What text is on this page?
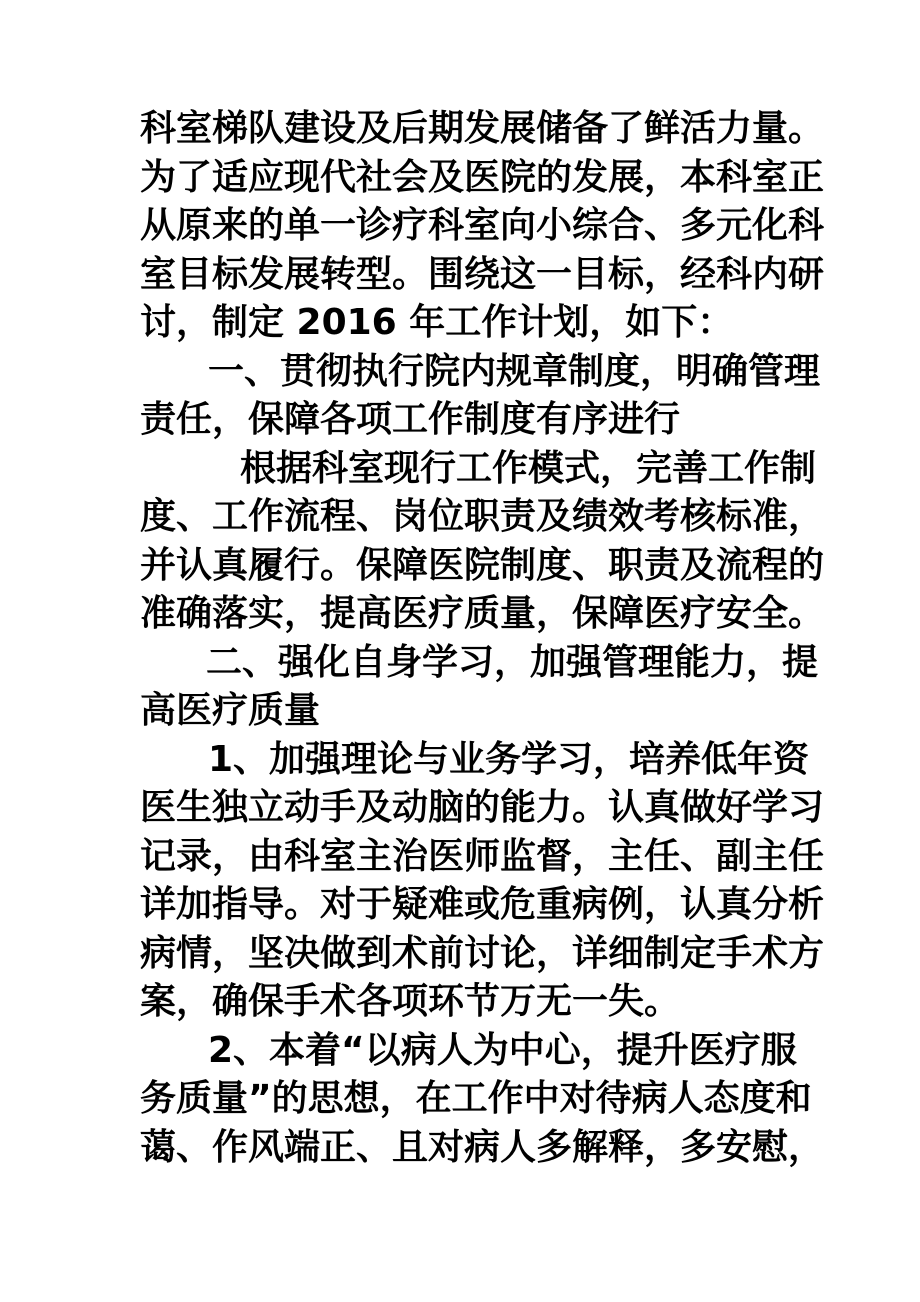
科室梯队建设及后期发展储备了鲜活力量。
为了适应现代社会及医院的发展，本科室正
从原来的单一诊疗科室向小综合、多元化科
室目标发展转型。围绕这一目标，经科内研
讨，制定 2016 年工作计划，如下：
一、贯彻执行院内规章制度，明确管理
责任，保障各项工作制度有序进行
根据科室现行工作模式，完善工作制
度、工作流程、岗位职责及绩效考核标准，
并认真履行。保障医院制度、职责及流程的
准确落实，提高医疗质量，保障医疗安全。
二、强化自身学习，加强管理能力，提
高医疗质量
1、加强理论与业务学习，培养低年资
医生独立动手及动脑的能力。认真做好学习
记录，由科室主治医师监督，主任、副主任
详加指导。对于疑难或危重病例，认真分析
病情，坚决做到术前讨论，详细制定手术方
案，确保手术各项环节万无一失。
2、本着“以病人为中心，提升医疗服
务质量”的思想，在工作中对待病人态度和
蔼、作风端正、且对病人多解释，多安慰，
